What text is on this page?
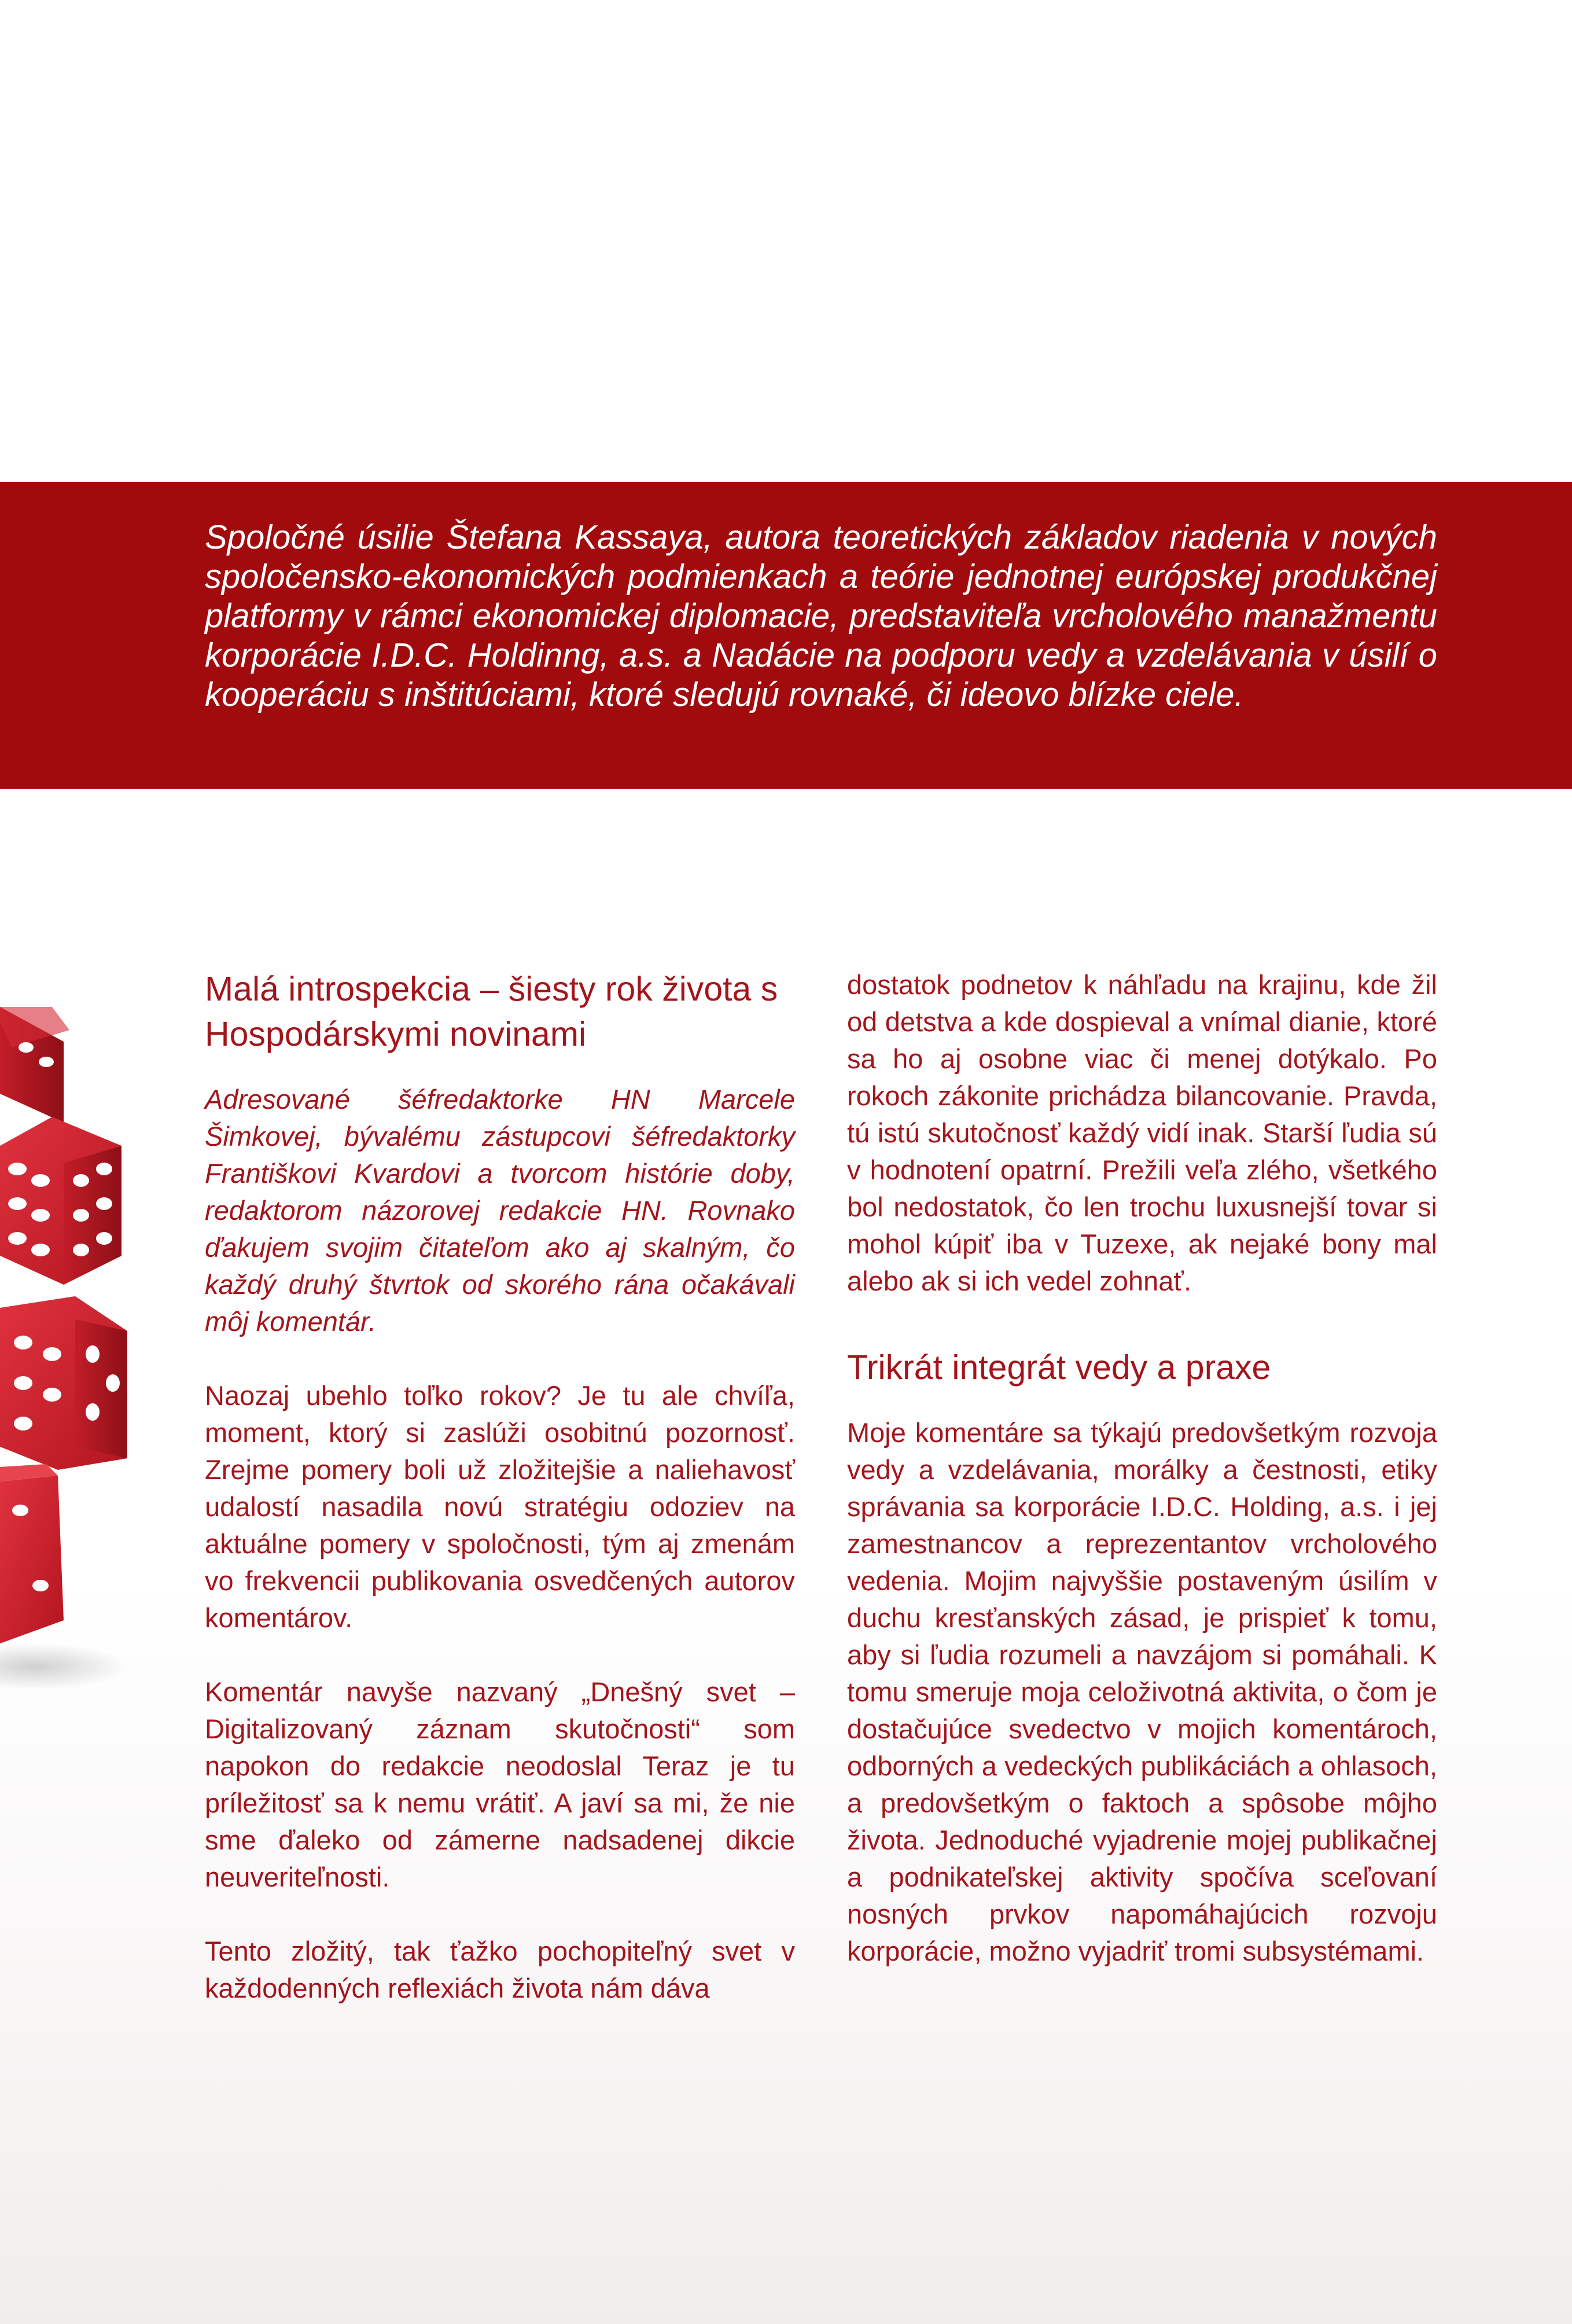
Spoločné úsilie Štefana Kassaya, autora teoretických základov riadenia v nových spoločensko-ekonomických podmienkach a teórie jednotnej európskej produkčnej platformy v rámci ekonomickej diplomacie, predstaviteľa vrcholového manažmentu korporácie I.D.C. Holdinng, a.s. a Nadácie na podporu vedy a vzdelávania v úsilí o kooperáciu s inštitúciami, ktoré sledujú rovnaké, či ideovo blízke ciele.

Malá introspekcia – šiesty rok života s Hospodárskymi novinami

Adresované šéfredaktorke HN Marcele Šimkovej, bývalému zástupcovi šéfredaktorky Františkovi Kvardovi a tvorcom histórie doby, redaktorom názorovej redakcie HN. Rovnako ďakujem svojim čitateľom ako aj skalným, čo každý druhý štvrtok od skorého rána očakávali môj komentár.

Naozaj ubehlo toľko rokov? Je tu ale chvíľa, moment, ktorý si zaslúži osobitnú pozornosť. Zrejme pomery boli už zložitejšie a naliehavosť udalostí nasadila novú stratégiu odoziev na aktuálne pomery v spoločnosti, tým aj zmenám vo frekvencii publikovania osvedčených autorov komentárov.

Komentár navyše nazvaný „Dnešný svet – Digitalizovaný záznam skutočnosti“ som napokon do redakcie neodoslal Teraz je tu príležitosť sa k nemu vrátiť. A javí sa mi, že nie sme ďaleko od zámerne nadsadenej dikcie neuveriteľnosti.

Tento zložitý, tak ťažko pochopiteľný svet v každodenných reflexiách života nám dáva

dostatok podnetov k náhľadu na krajinu, kde žil od detstva a kde dospieval a vnímal dianie, ktoré sa ho aj osobne viac či menej dotýkalo. Po rokoch zákonite prichádza bilancovanie. Pravda, tú istú skutočnosť každý vidí inak. Starší ľudia sú v hodnotení opatrní. Prežili veľa zlého, všetkého bol nedostatok, čo len trochu luxusnejší tovar si mohol kúpiť iba v Tuzexe, ak nejaké bony mal alebo ak si ich vedel zohnať.

Trikrát integrát vedy a praxe

Moje komentáre sa týkajú predovšetkým rozvoja vedy a vzdelávania, morálky a čestnosti, etiky správania sa korporácie I.D.C. Holding, a.s. i jej zamestnancov a reprezentantov vrcholového vedenia. Mojim najvyššie postaveným úsilím v duchu kresťanských zásad, je prispieť k tomu, aby si ľudia rozumeli a navzájom si pomáhali. K tomu smeruje moja celoživotná aktivita, o čom je dostačujúce svedectvo v mojich komentároch, odborných a vedeckých publikáciách a ohlasoch, a predovšetkým o faktoch a spôsobe môjho života. Jednoduché vyjadrenie mojej publikačnej a podnikateľskej aktivity spočíva sceľovaní nosných prvkov napomáhajúcich rozvoju korporácie, možno vyjadriť tromi subsystémami.
